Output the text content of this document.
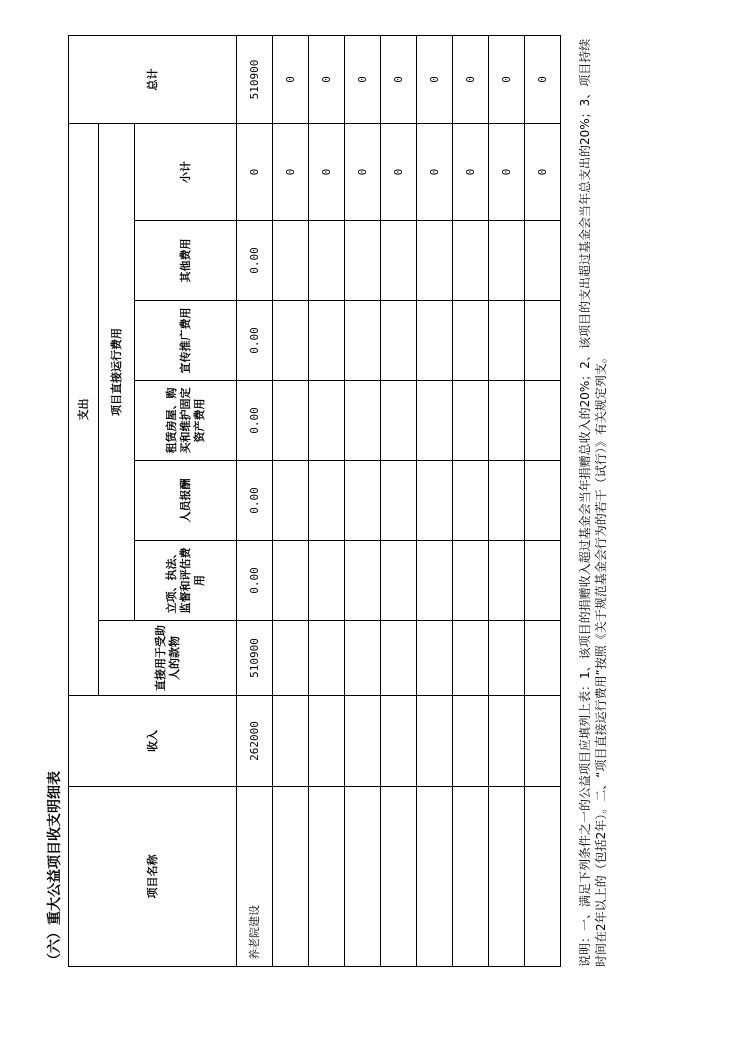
（六）重大公益项目收支明细表	项目名称	收入	支出							总计
		直接用于受助人的款物	项目直接运行费用						
			立项、执法、监督和评估费用	人员报酬	租赁房屋、购买和维护固定资产费用	宣传推广费用	其他费用	小计	
养老院建设	262000	510900	0.00	0.00	0.00	0.00	0.00	0	510900
								0	0
								0	0
								0	0
								0	0
								0	0
								0	0
								0	0
								0	0 说明：一、满足下列条件之一的公益项目应填列上表：1、该项目的捐赠收入超过基金会当年捐赠总收入的20%；2、该项目的支出超过基金会当年总支出的20%；3、项目持续时间在2年以上的（包括2年）。二、“项目直接运行费用”按照《关于规范基金会行为的若干（试行）》有关规定列支。
